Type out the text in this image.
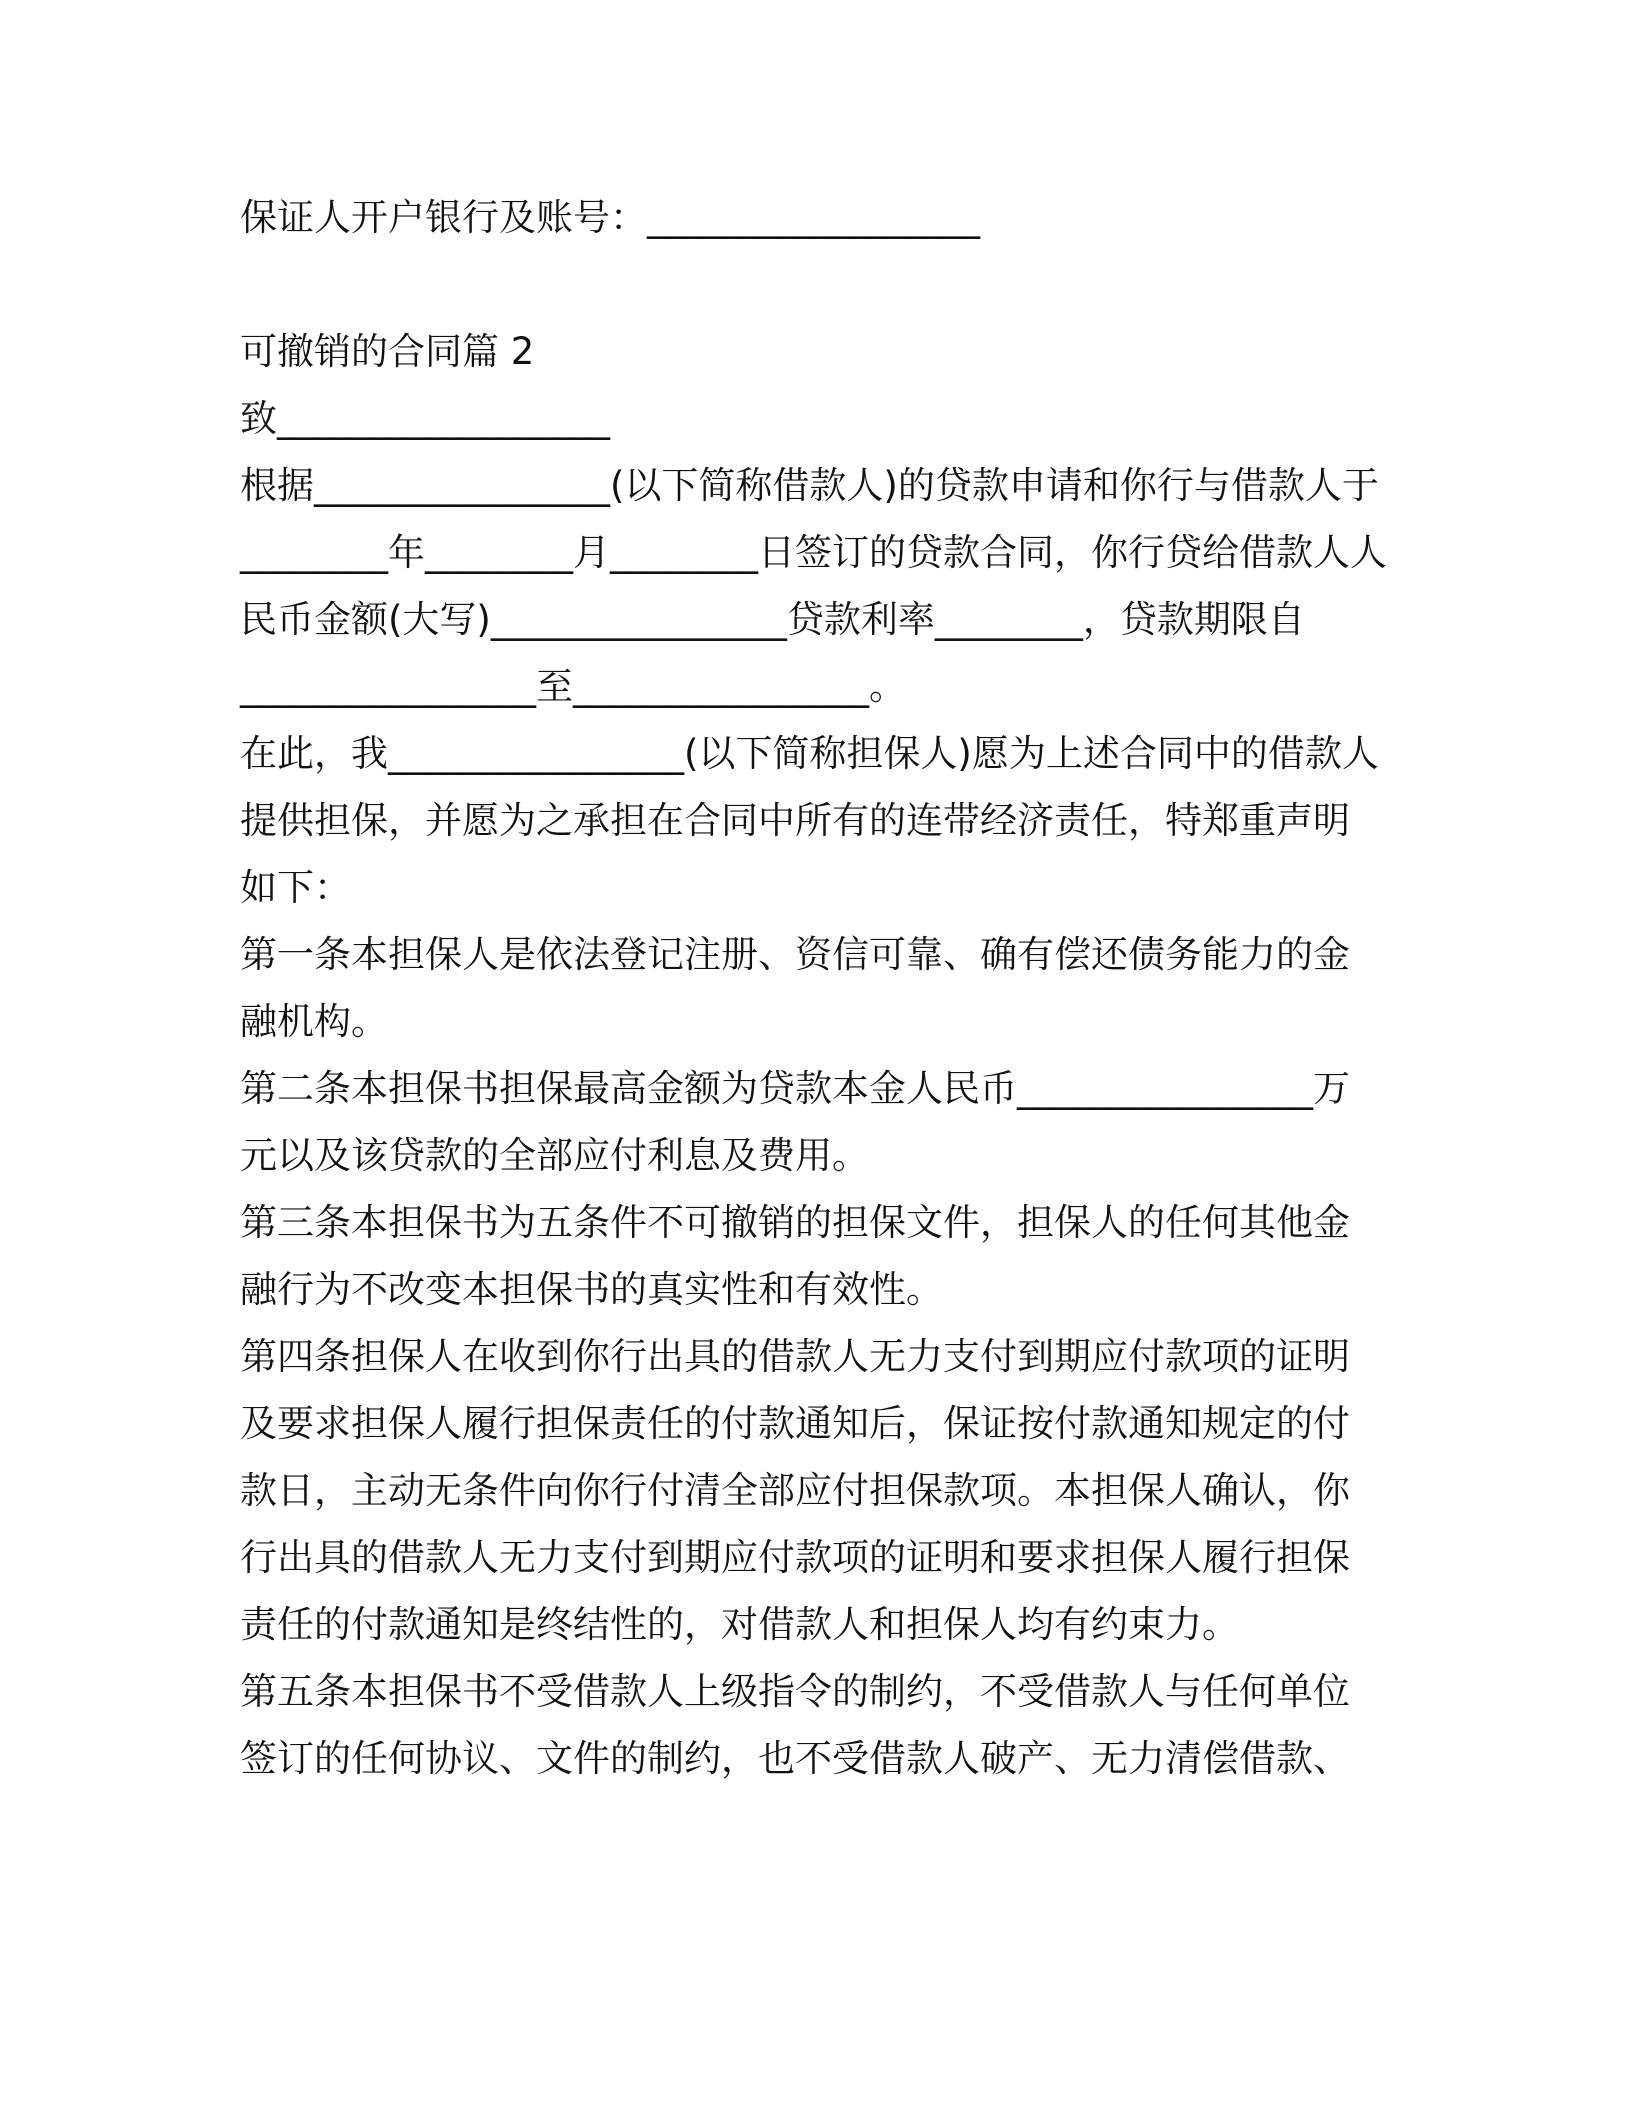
保证人开户银行及账号：__________________

可撤销的合同篇 2

致__________________

根据________________(以下简称借款人)的贷款申请和你行与借款人于

________年________月________日签订的贷款合同，你行贷给借款人人

民币金额(大写)________________贷款利率________，贷款期限自

________________至________________。

在此，我________________(以下简称担保人)愿为上述合同中的借款人

提供担保，并愿为之承担在合同中所有的连带经济责任，特郑重声明

如下：

第一条本担保人是依法登记注册、资信可靠、确有偿还债务能力的金

融机构。

第二条本担保书担保最高金额为贷款本金人民币________________万

元以及该贷款的全部应付利息及费用。

第三条本担保书为五条件不可撤销的担保文件，担保人的任何其他金

融行为不改变本担保书的真实性和有效性。

第四条担保人在收到你行出具的借款人无力支付到期应付款项的证明

及要求担保人履行担保责任的付款通知后，保证按付款通知规定的付

款日，主动无条件向你行付清全部应付担保款项。本担保人确认，你

行出具的借款人无力支付到期应付款项的证明和要求担保人履行担保

责任的付款通知是终结性的，对借款人和担保人均有约束力。

第五条本担保书不受借款人上级指令的制约，不受借款人与任何单位

签订的任何协议、文件的制约，也不受借款人破产、无力清偿借款、
